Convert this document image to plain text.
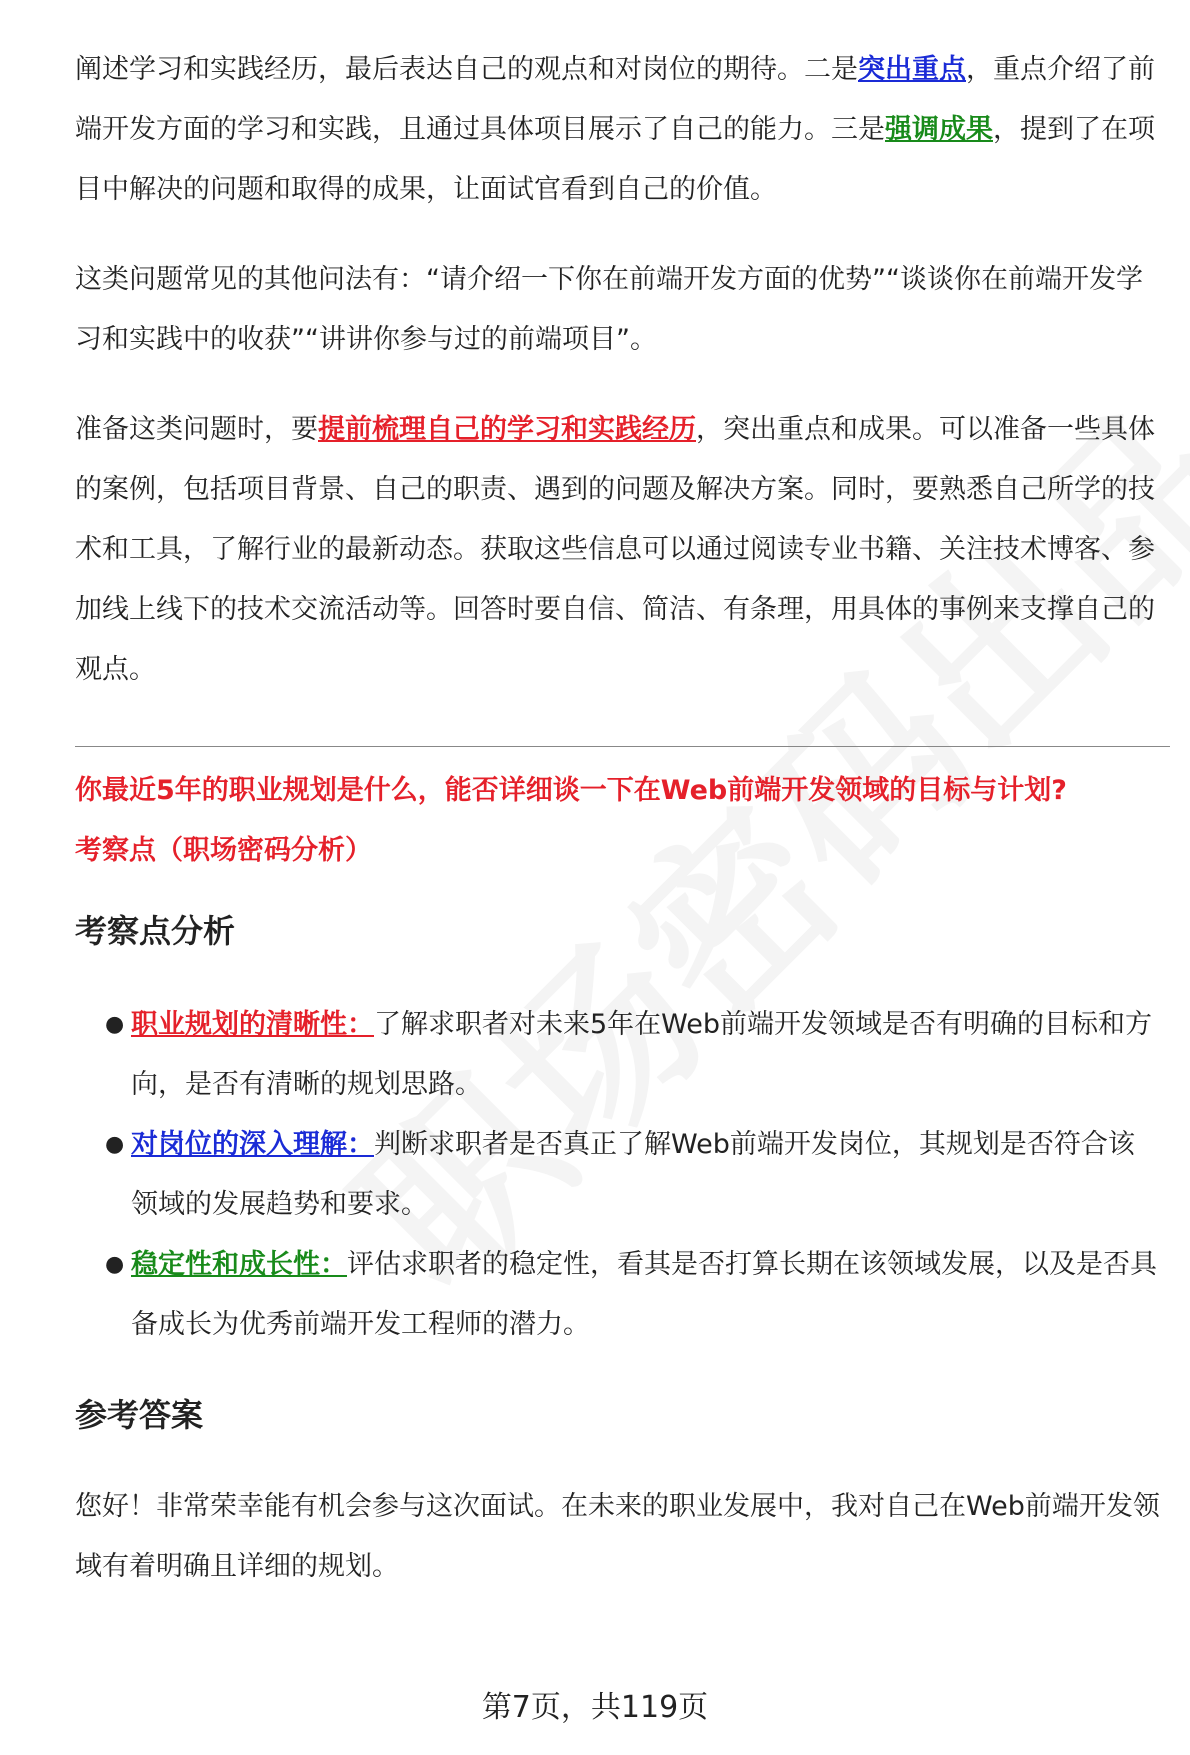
阐述学习和实践经历，最后表达自己的观点和对岗位的期待。二是突出重点，重点介绍了前端开发方面的学习和实践，且通过具体项目展示了自己的能力。三是强调成果，提到了在项目中解决的问题和取得的成果，让面试官看到自己的价值。

这类问题常见的其他问法有：“请介绍一下你在前端开发方面的优势”“谈谈你在前端开发学习和实践中的收获”“讲讲你参与过的前端项目”。

准备这类问题时，要提前梳理自己的学习和实践经历，突出重点和成果。可以准备一些具体的案例，包括项目背景、自己的职责、遇到的问题及解决方案。同时，要熟悉自己所学的技术和工具，了解行业的最新动态。获取这些信息可以通过阅读专业书籍、关注技术博客、参加线上线下的技术交流活动等。回答时要自信、简洁、有条理，用具体的事例来支撑自己的观点。

你最近5年的职业规划是什么，能否详细谈一下在Web前端开发领域的目标与计划?
考察点（职场密码分析）
考察点分析
● 职业规划的清晰性：了解求职者对未来5年在Web前端开发领域是否有明确的目标和方向，是否有清晰的规划思路。
● 对岗位的深入理解：判断求职者是否真正了解Web前端开发岗位，其规划是否符合该领域的发展趋势和要求。
● 稳定性和成长性：评估求职者的稳定性，看其是否打算长期在该领域发展，以及是否具备成长为优秀前端开发工程师的潜力。
参考答案

您好！非常荣幸能有机会参与这次面试。在未来的职业发展中，我对自己在Web前端开发领域有着明确且详细的规划。

第7页，共119页
